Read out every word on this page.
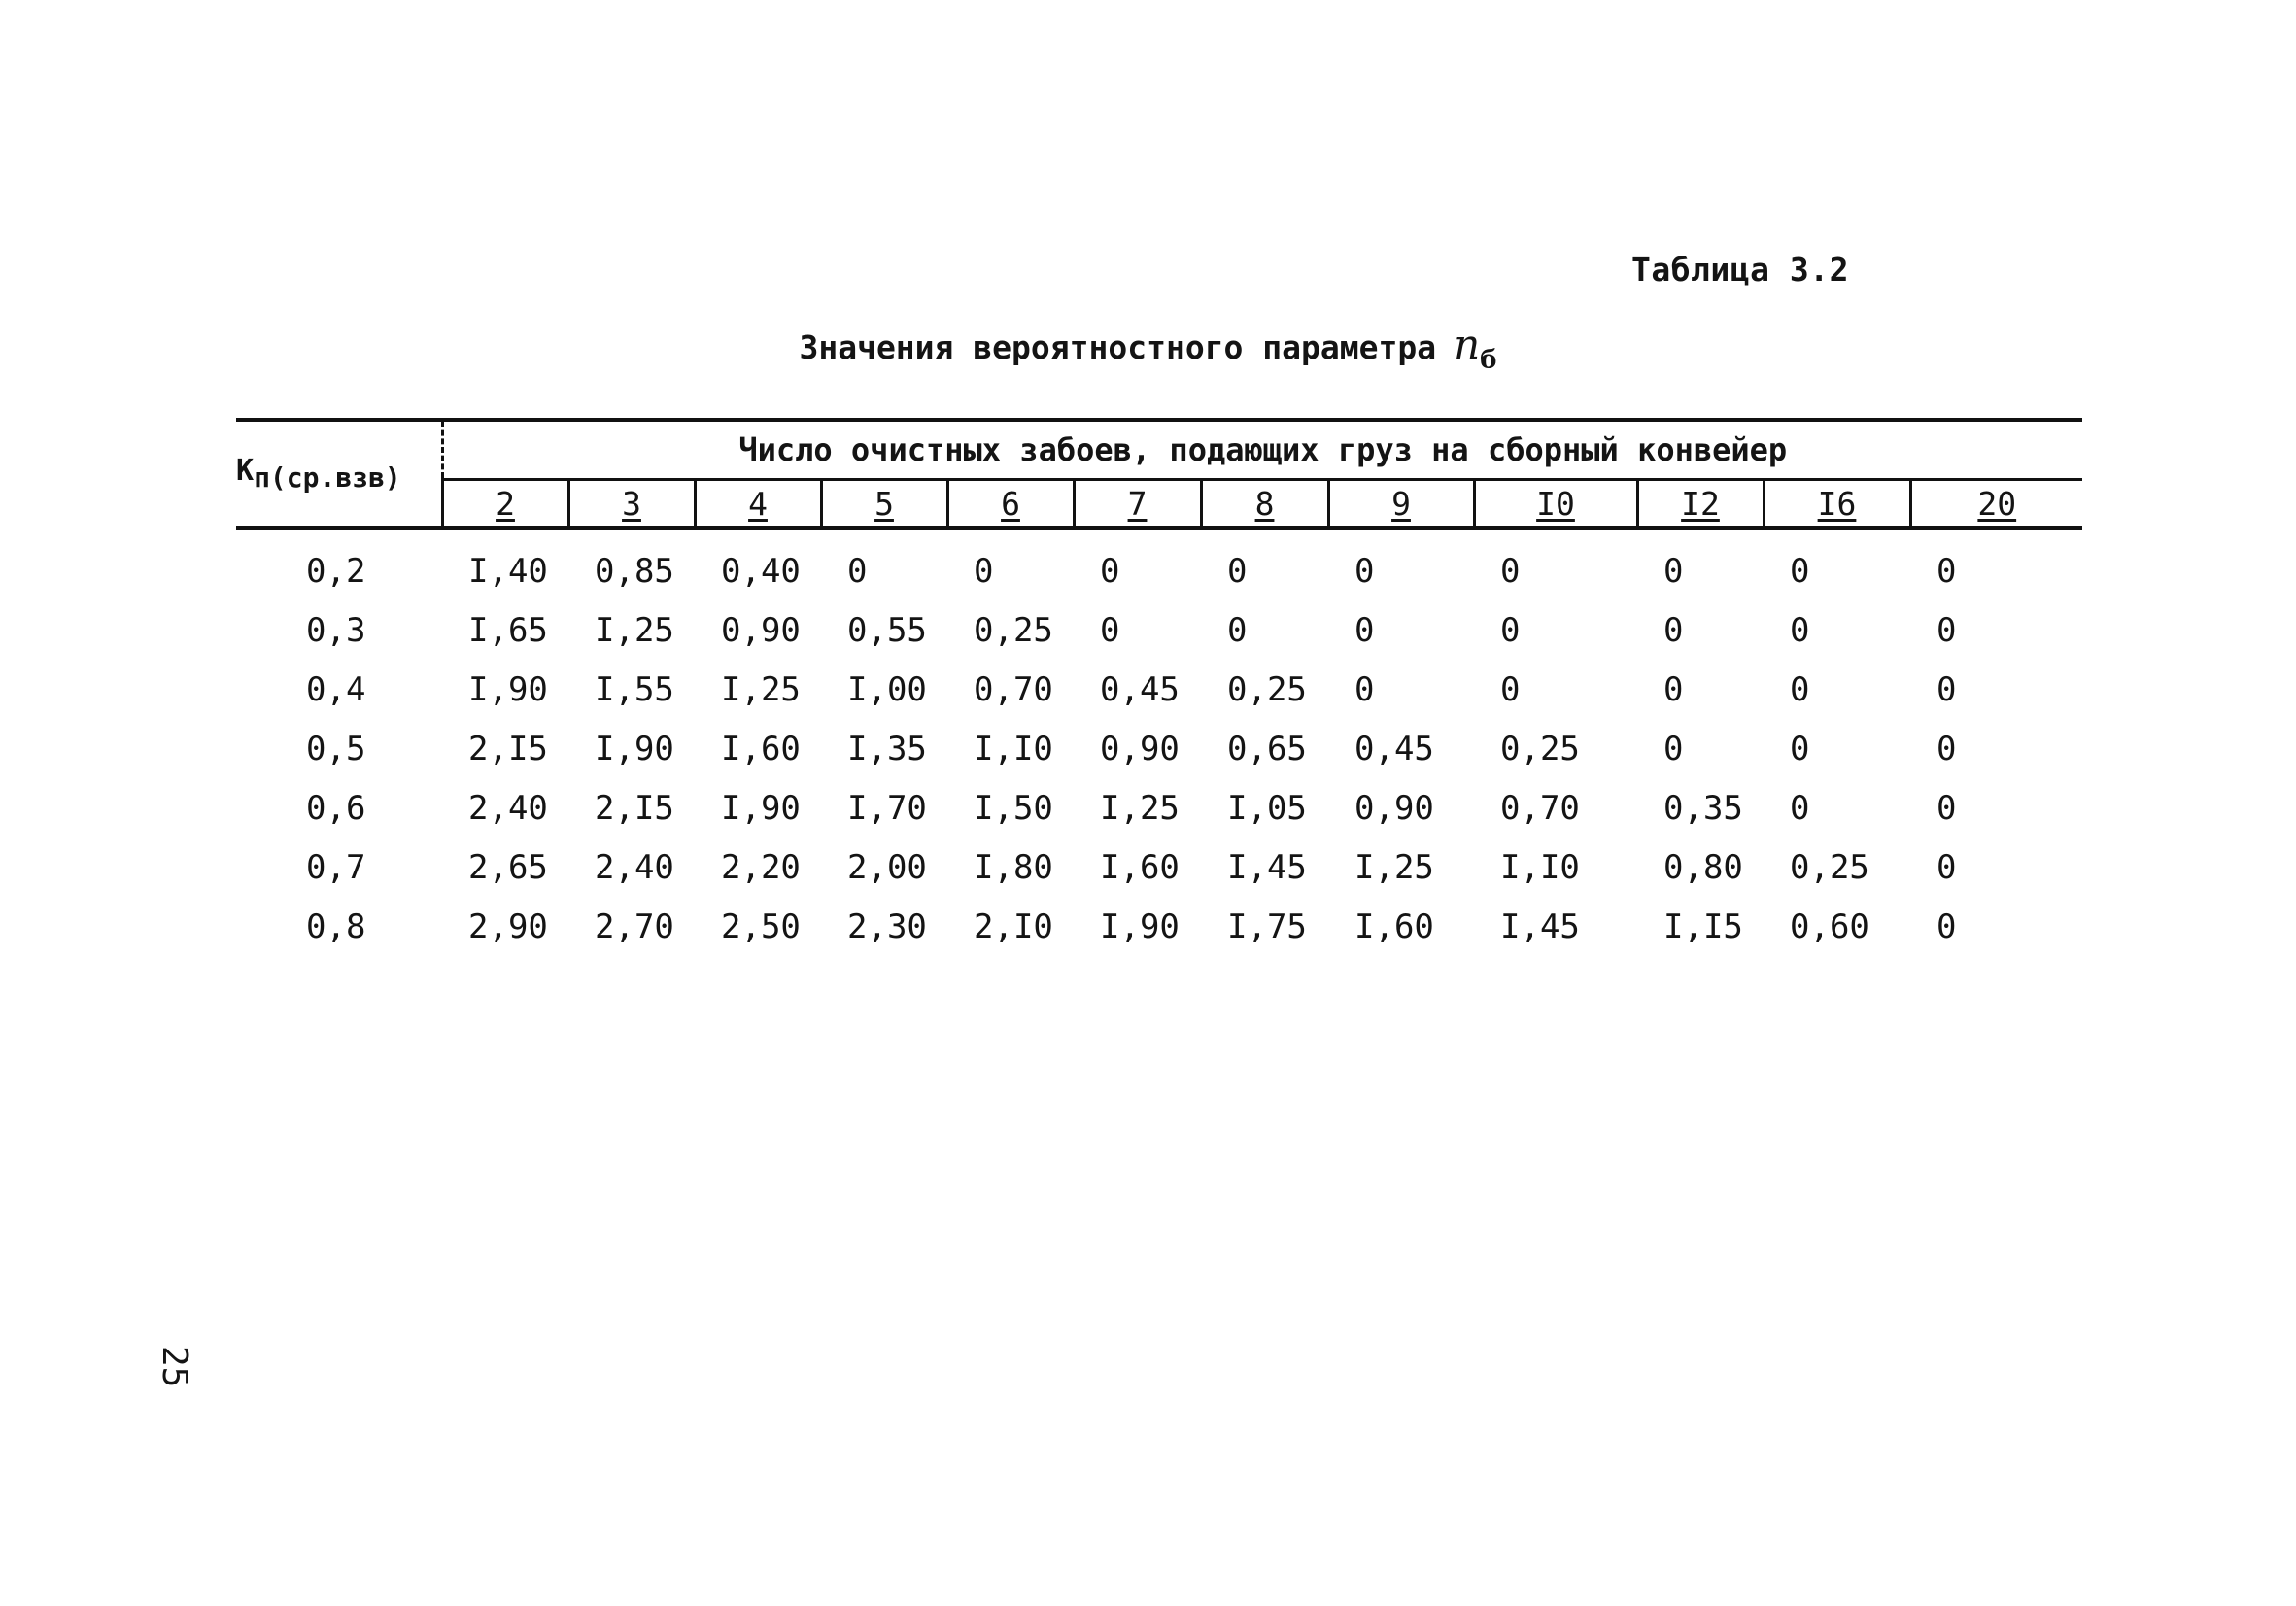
Таблица 3.2
Значения вероятностного параметра $n_б$
$К_{п(ср.взв)}$	Число очистных забоев, подающих груз на сборный конвейер											
	2	3	4	5	6	7	8	9	I0	I2	I6	20
0,2	I,40	0,85	0,40	0	0	0	0	0	0	0	0	0
0,3	I,65	I,25	0,90	0,55	0,25	0	0	0	0	0	0	0
0,4	I,90	I,55	I,25	I,00	0,70	0,45	0,25	0	0	0	0	0
0,5	2,I5	I,90	I,60	I,35	I,I0	0,90	0,65	0,45	0,25	0	0	0
0,6	2,40	2,I5	I,90	I,70	I,50	I,25	I,05	0,90	0,70	0,35	0	0
0,7	2,65	2,40	2,20	2,00	I,80	I,60	I,45	I,25	I,I0	0,80	0,25	0
0,8	2,90	2,70	2,50	2,30	2,I0	I,90	I,75	I,60	I,45	I,I5	0,60	0
25
